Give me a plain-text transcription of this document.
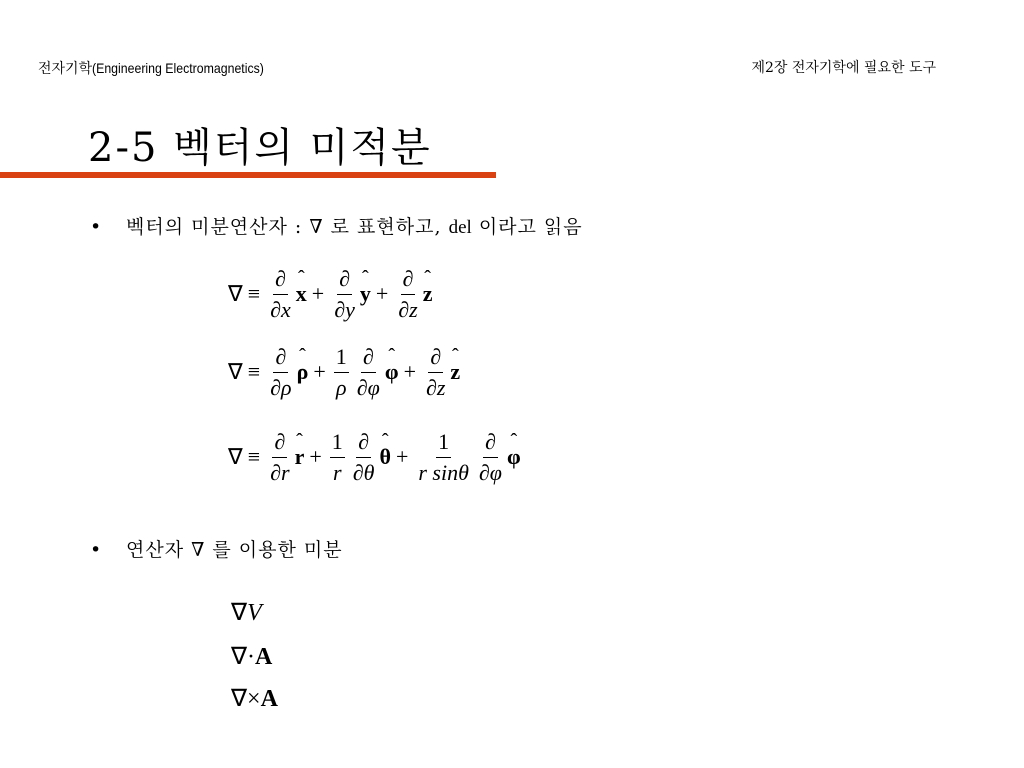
전자기학(Engineering Electromagnetics)	제2장 전자기학에 필요한 도구
2-5 벡터의 미적분
• 벡터의 미분연산자 : ∇ 로 표현하고, del 이라고 읽음
∇ ≡ $\frac{\partial}{\partial x}$ ˆ $x + \frac{\partial}{\partial y}$ ˆ $y + \frac{\partial}{\partial z}$ ˆ z
∇ ≡ $\frac{\partial}{\partial\rho}$ ˆ $\rho + \frac{1}{\rho} \frac{\partial}{\partial\varphi}$ ˆ $\varphi + \frac{\partial}{\partial z}$ ˆ z
∇ ≡ $\frac{\partial}{\partial r}$ ˆ $r + \frac{1}{r} \frac{\partial}{\partial\theta}$ ˆ $\theta + \frac{1}{\text{r sinθ}} \frac{\partial}{\partial\varphi}$ ˆ φ
• 연산자 ∇ 를 이용한 미분
∇V
∇·A
∇×A
